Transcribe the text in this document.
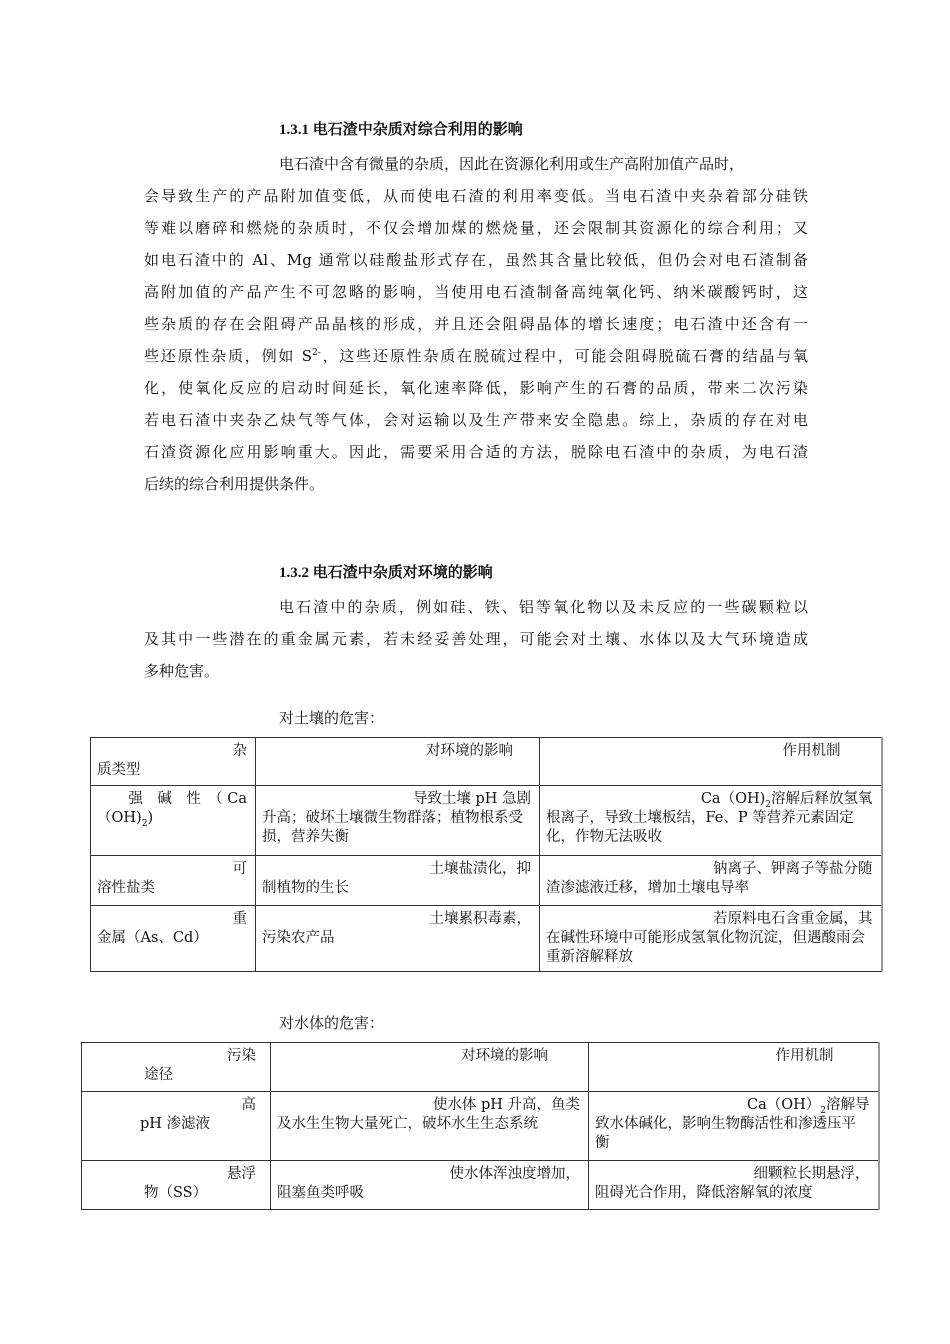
1.3.1 电石渣中杂质对综合利用的影响
电石渣中含有微量的杂质，因此在资源化利用或生产高附加值产品时，
会导致生产的产品附加值变低，从而使电石渣的利用率变低。当电石渣中夹杂着部分硅铁
等难以磨碎和燃烧的杂质时，不仅会增加煤的燃烧量，还会限制其资源化的综合利用；又
如电石渣中的 Al、Mg 通常以硅酸盐形式存在，虽然其含量比较低，但仍会对电石渣制备
高附加值的产品产生不可忽略的影响，当使用电石渣制备高纯氧化钙、纳米碳酸钙时，这
些杂质的存在会阻碍产品晶核的形成，并且还会阻碍晶体的增长速度；电石渣中还含有一
些还原性杂质，例如 $S^{2-}$，这些还原性杂质在脱硫过程中，可能会阻碍脱硫石膏的结晶与氧
化，使氧化反应的启动时间延长，氧化速率降低，影响产生的石膏的品质，带来二次污染
若电石渣中夹杂乙炔气等气体，会对运输以及生产带来安全隐患。综上，杂质的存在对电
石渣资源化应用影响重大。因此，需要采用合适的方法，脱除电石渣中的杂质，为电石渣
后续的综合利用提供条件。
1.3.2 电石渣中杂质对环境的影响
电石渣中的杂质，例如硅、铁、铝等氧化物以及未反应的一些碳颗粒以
及其中一些潜在的重金属元素，若未经妥善处理，可能会对土壤、水体以及大气环境造成
多种危害。
对土壤的危害：
杂
质类型	对环境的影响	作用机制

强　碱　性　（ Ca
$(OH)_2$)	导致土壤 pH 急剧
升高；破坏土壤微生物群落；植物根系受损，营养失衡	$Ca(OH)_2$溶解后释放氢氧
根离子，导致土壤板结，Fe、P 等营养元素固定化，作物无法吸收

可
溶性盐类	土壤盐渍化，抑
制植物的生长	钠离子、钾离子等盐分随
渣渗滤液迁移，增加土壤电导率

重
金属（As、Cd）	土壤累积毒素，
污染农产品	若原料电石含重金属，其
在碱性环境中可能形成氢氧化物沉淀，但遇酸雨会重新溶解释放
对水体的危害：
污染
途径	对环境的影响	作用机制

高
pH 渗滤液	使水体 pH 升高，鱼类
及水生生物大量死亡，破坏水生生态系统	$Ca(OH)_2$溶解导
致水体碱化，影响生物酶活性和渗透压平衡

悬浮
物（SS）	使水体浑浊度增加，
阻塞鱼类呼吸	细颗粒长期悬浮，
阻碍光合作用，降低溶解氧的浓度
